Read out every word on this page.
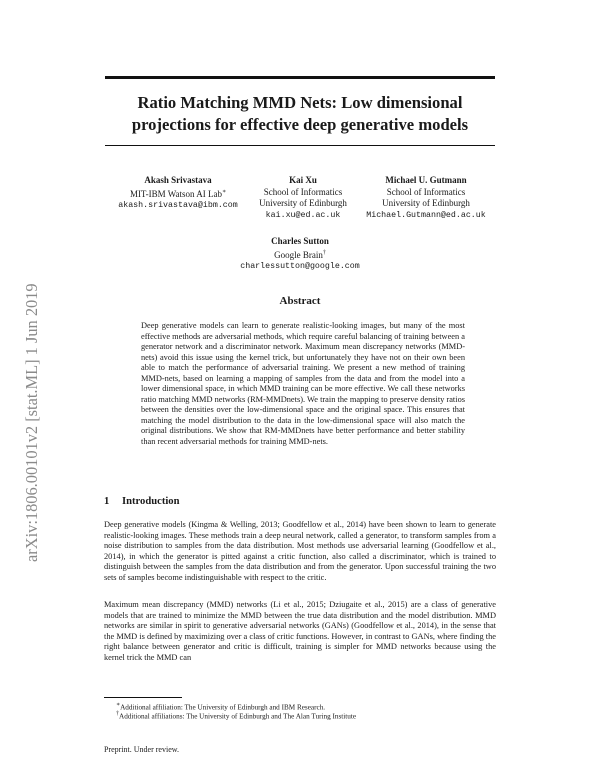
arXiv:1806.00101v2 [stat.ML] 1 Jun 2019
Ratio Matching MMD Nets: Low dimensional
projections for effective deep generative models
Akash Srivastava
MIT-IBM Watson AI Lab∗
akash.srivastava@ibm.com
Kai Xu
School of Informatics
University of Edinburgh
kai.xu@ed.ac.uk
Michael U. Gutmann
School of Informatics
University of Edinburgh
Michael.Gutmann@ed.ac.uk
Charles Sutton
Google Brain†
charlessutton@google.com
Abstract

Deep generative models can learn to generate realistic-looking images, but many of the most effective methods are adversarial methods, which require careful balancing of training between a generator network and a discriminator network. Maximum mean discrepancy networks (MMD-nets) avoid this issue using the kernel trick, but unfortunately they have not on their own been able to match the performance of adversarial training. We present a new method of training MMD-nets, based on learning a mapping of samples from the data and from the model into a lower dimensional space, in which MMD training can be more effective. We call these networks ratio matching MMD networks (RM-MMDnets). We train the mapping to preserve density ratios between the densities over the low-dimensional space and the original space. This ensures that matching the model distribution to the data in the low-dimensional space will also match the original distributions. We show that RM-MMDnets have better performance and better stability than recent adversarial methods for training MMD-nets.

1 Introduction

Deep generative models (Kingma & Welling, 2013; Goodfellow et al., 2014) have been shown to learn to generate realistic-looking images. These methods train a deep neural network, called a generator, to transform samples from a noise distribution to samples from the data distribution. Most methods use adversarial learning (Goodfellow et al., 2014), in which the generator is pitted against a critic function, also called a discriminator, which is trained to distinguish between the samples from the data distribution and from the generator. Upon successful training the two sets of samples become indistinguishable with respect to the critic.

Maximum mean discrepancy (MMD) networks (Li et al., 2015; Dziugaite et al., 2015) are a class of generative models that are trained to minimize the MMD between the true data distribution and the model distribution. MMD networks are similar in spirit to generative adversarial networks (GANs) (Goodfellow et al., 2014), in the sense that the MMD is defined by maximizing over a class of critic functions. However, in contrast to GANs, where finding the right balance between generator and critic is difficult, training is simpler for MMD networks because using the kernel trick the MMD can

∗Additional affiliation: The University of Edinburgh and IBM Research.

†Additional affiliations: The University of Edinburgh and The Alan Turing Institute

Preprint. Under review.
